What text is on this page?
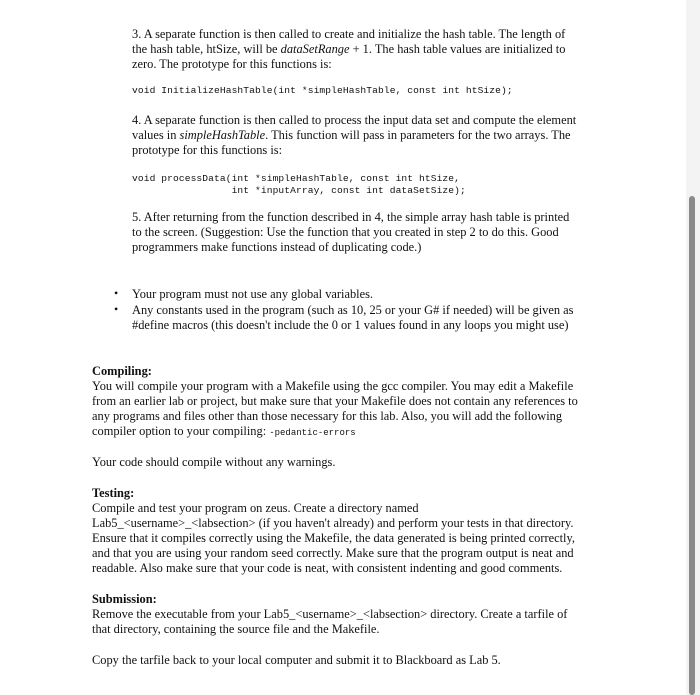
3. A separate function is then called to create and initialize the hash table. The length of
the hash table, htSize, will be dataSetRange + 1. The hash table values are initialized to
zero. The prototype for this functions is:
void InitializeHashTable(int *simpleHashTable, const int htSize);
4. A separate function is then called to process the input data set and compute the element
values in simpleHashTable. This function will pass in parameters for the two arrays. The
prototype for this functions is:
void processData(int *simpleHashTable, const int htSize,
int *inputArray, const int dataSetSize);
5. After returning from the function described in 4, the simple array hash table is printed
to the screen. (Suggestion: Use the function that you created in step 2 to do this. Good
programmers make functions instead of duplicating code.)
• Your program must not use any global variables.
• Any constants used in the program (such as 10, 25 or your G# if needed) will be given as
#define macros (this doesn't include the 0 or 1 values found in any loops you might use)
Compiling:
You will compile your program with a Makefile using the gcc compiler. You may edit a Makefile
from an earlier lab or project, but make sure that your Makefile does not contain any references to
any programs and files other than those necessary for this lab. Also, you will add the following
compiler option to your compiling: -pedantic-errors
Your code should compile without any warnings.
Testing:
Compile and test your program on zeus. Create a directory named
Lab5_<username>_<labsection> (if you haven't already) and perform your tests in that directory.
Ensure that it compiles correctly using the Makefile, the data generated is being printed correctly,
and that you are using your random seed correctly. Make sure that the program output is neat and
readable. Also make sure that your code is neat, with consistent indenting and good comments.
Submission:
Remove the executable from your Lab5_<username>_<labsection> directory. Create a tarfile of
that directory, containing the source file and the Makefile.
Copy the tarfile back to your local computer and submit it to Blackboard as Lab 5.
